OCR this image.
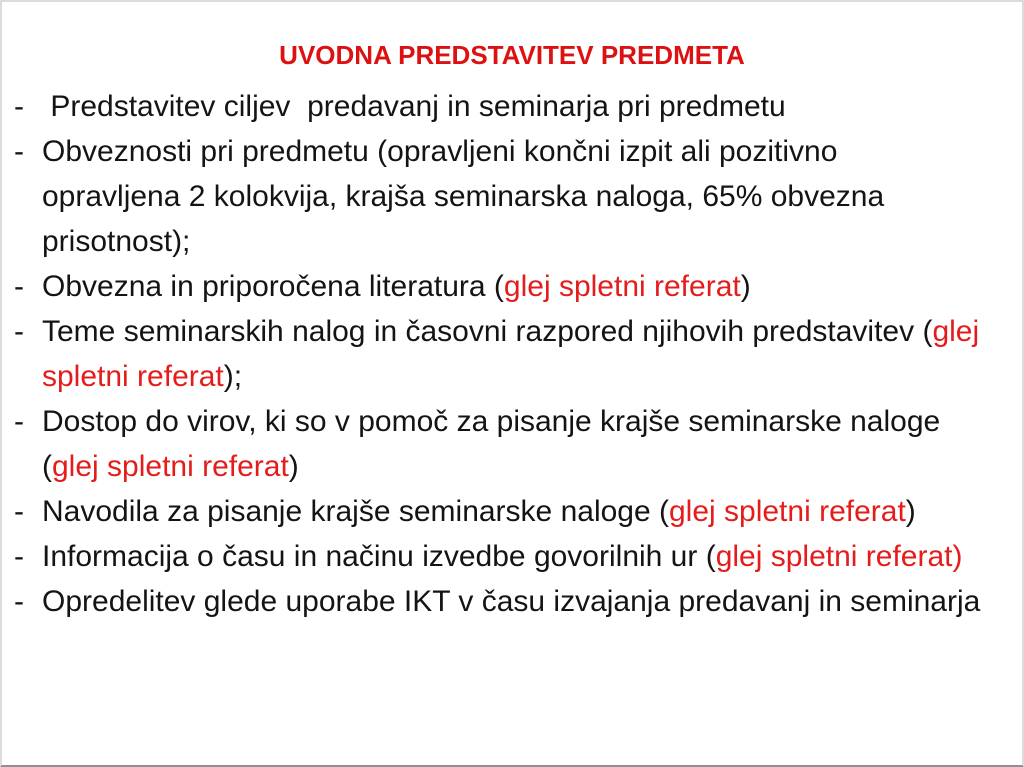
UVODNA PREDSTAVITEV PREDMETA
- Predstavitev ciljev  predavanj in seminarja pri predmetu
- Obveznosti pri predmetu (opravljeni končni izpit ali pozitivno opravljena 2 kolokvija, krajša seminarska naloga, 65% obvezna prisotnost);
- Obvezna in priporočena literatura (glej spletni referat)
- Teme seminarskih nalog in časovni razpored njihovih predstavitev (glej spletni referat);
- Dostop do virov, ki so v pomoč za pisanje krajše seminarske naloge (glej spletni referat)
- Navodila za pisanje krajše seminarske naloge (glej spletni referat)
- Informacija o času in načinu izvedbe govorilnih ur (glej spletni referat)
- Opredelitev glede uporabe IKT v času izvajanja predavanj in seminarja
